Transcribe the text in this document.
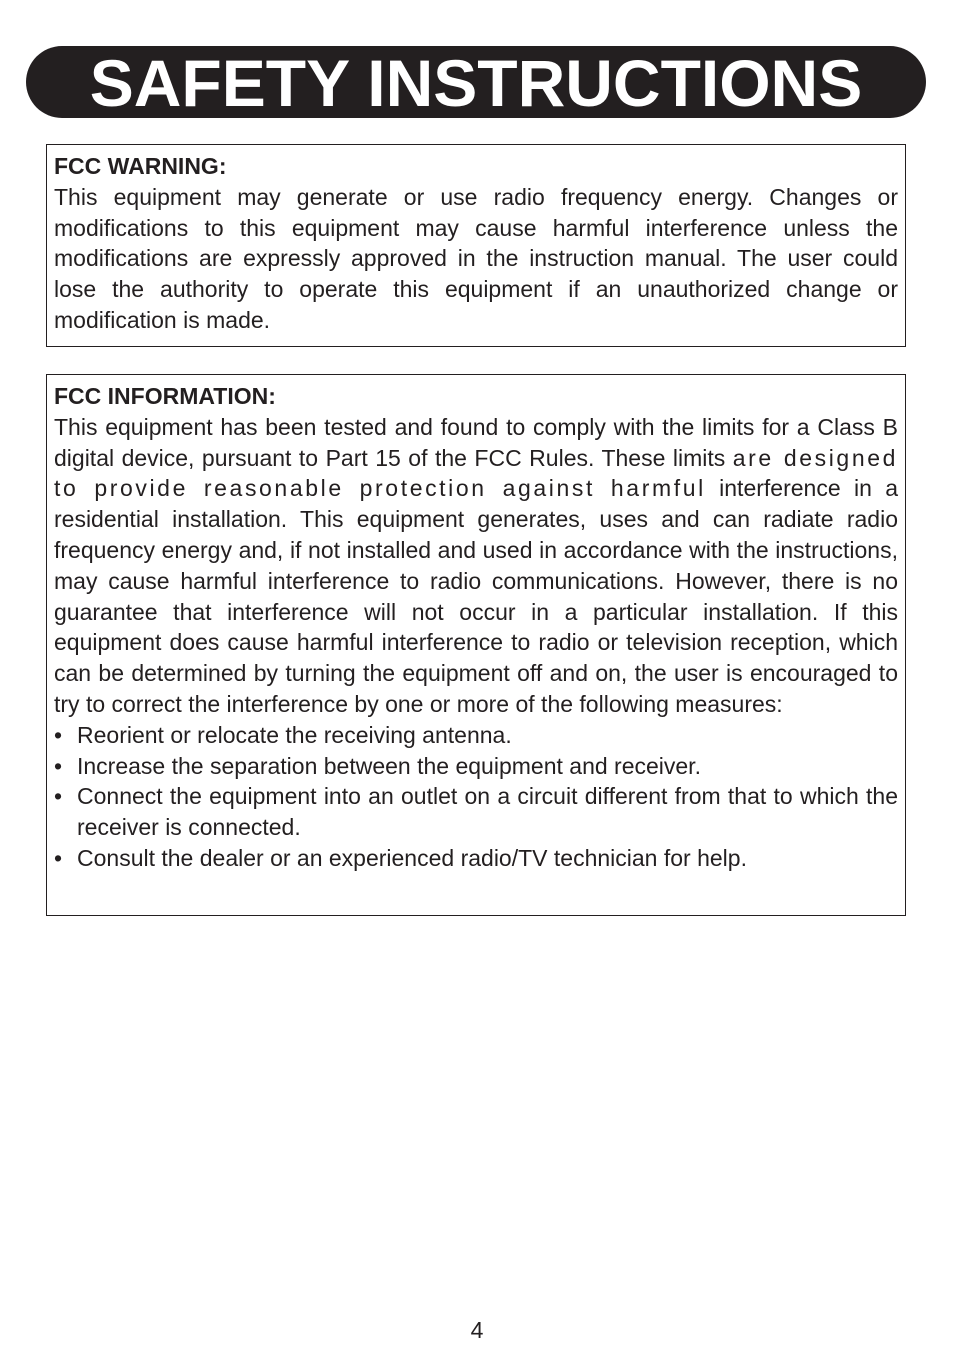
SAFETY INSTRUCTIONS

FCC WARNING:

This equipment may generate or use radio frequency energy. Changes or modifications to this equipment may cause harmful interference unless the modifications are expressly approved in the instruction manual. The user could lose the authority to operate this equipment if an unauthorized change or modification is made.

FCC INFORMATION:

This equipment has been tested and found to comply with the limits for a Class B digital device, pursuant to Part 15 of the FCC Rules. These limits are designed to provide reasonable protection against harmful interference in a residential installation. This equipment generates, uses and can radiate radio frequency energy and, if not installed and used in accordance with the instructions, may cause harmful interference to radio communications. However, there is no guarantee that interference will not occur in a particular installation. If this equipment does cause harmful interference to radio or television reception, which can be determined by turning the equipment off and on, the user is encouraged to try to correct the interference by one or more of the following measures:
• Reorient or relocate the receiving antenna.
• Increase the separation between the equipment and receiver.
• Connect the equipment into an outlet on a circuit different from that to which the receiver is connected.
• Consult the dealer or an experienced radio/TV technician for help.
4
